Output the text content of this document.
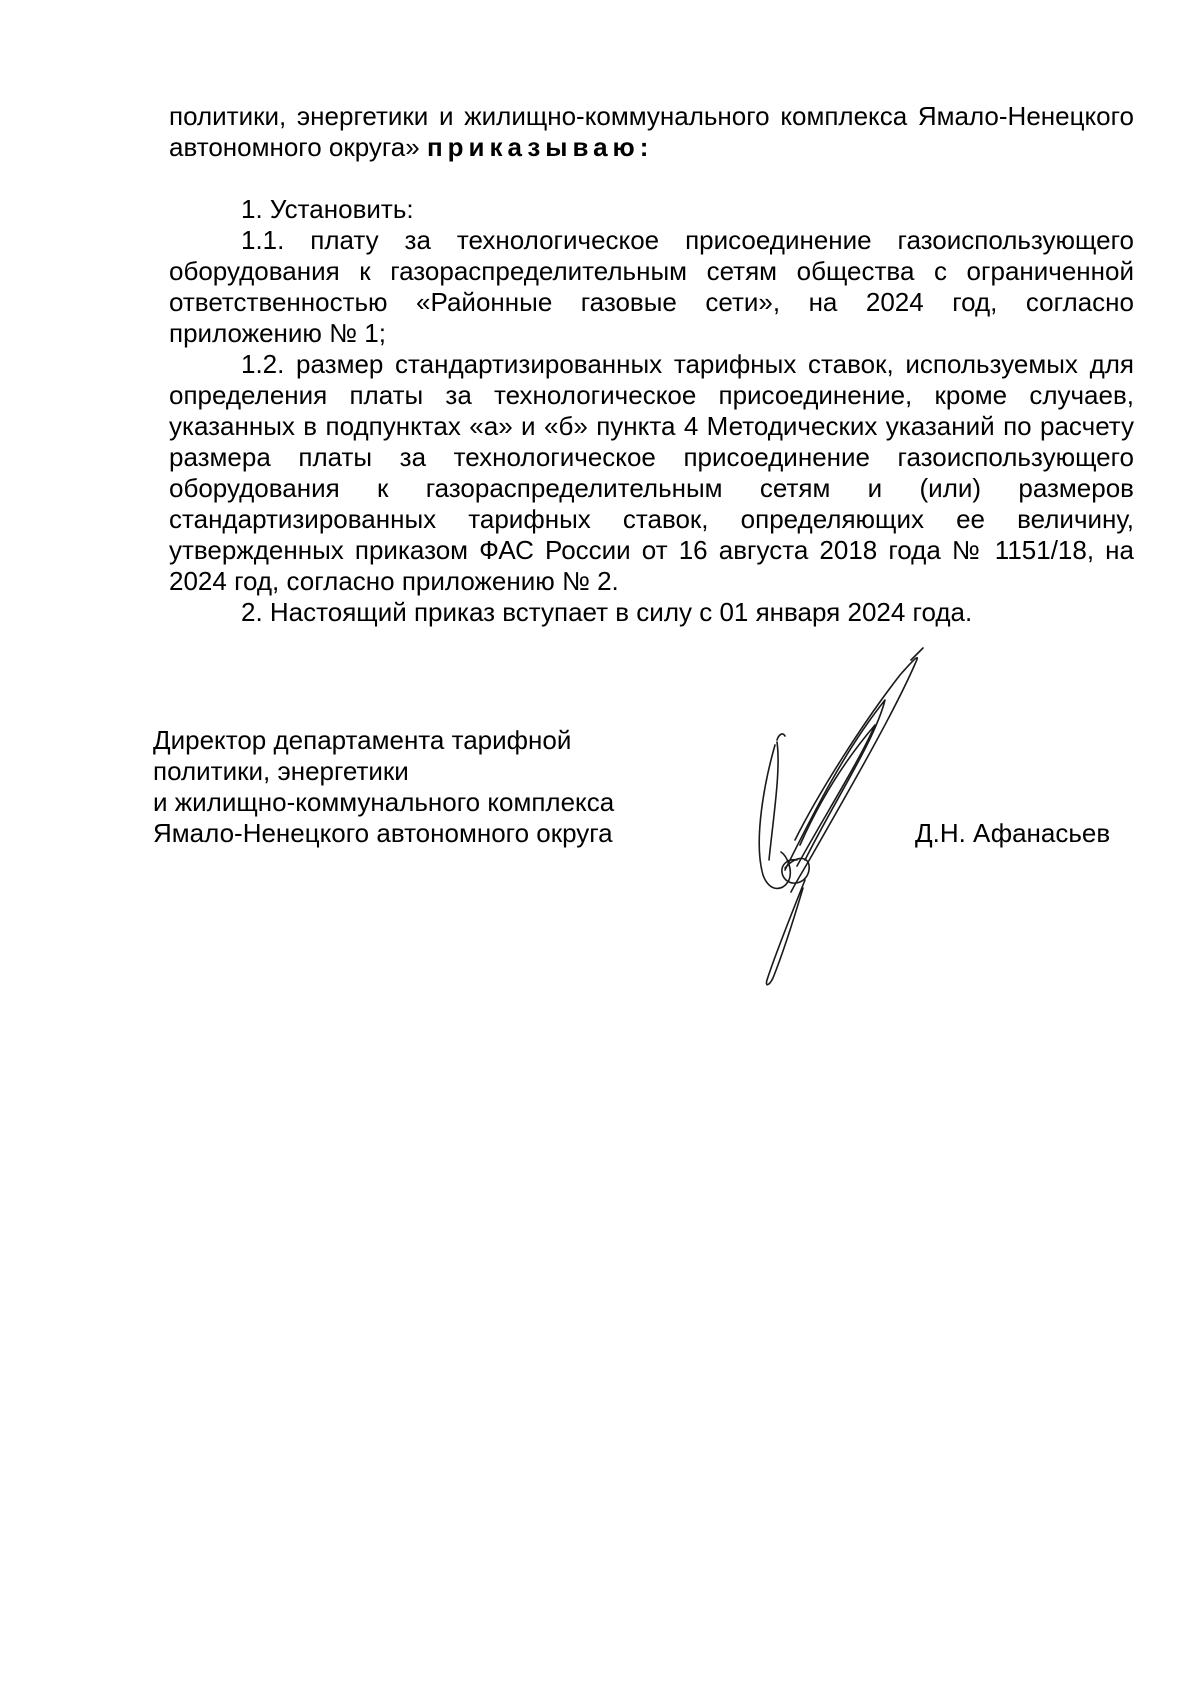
политики, энергетики и жилищно-коммунального комплекса Ямало-Ненецкого автономного округа» приказываю:

1. Установить:

1.1. плату за технологическое присоединение газоиспользующего оборудования к газораспределительным сетям общества с ограниченной ответственностью «Районные газовые сети», на 2024 год, согласно приложению № 1;

1.2. размер стандартизированных тарифных ставок, используемых для определения платы за технологическое присоединение, кроме случаев, указанных в подпунктах «а» и «б» пункта 4 Методических указаний по расчету размера платы за технологическое присоединение газоиспользующего оборудования к газораспределительным сетям и (или) размеров стандартизированных тарифных ставок, определяющих ее величину, утвержденных приказом ФАС России от 16 августа 2018 года № 1151/18, на 2024 год, согласно приложению № 2.

2. Настоящий приказ вступает в силу с 01 января 2024 года.

Директор департамента тарифной
политики, энергетики
и жилищно-коммунального комплекса
Ямало-Ненецкого автономного округа	Д.Н. Афанасьев
